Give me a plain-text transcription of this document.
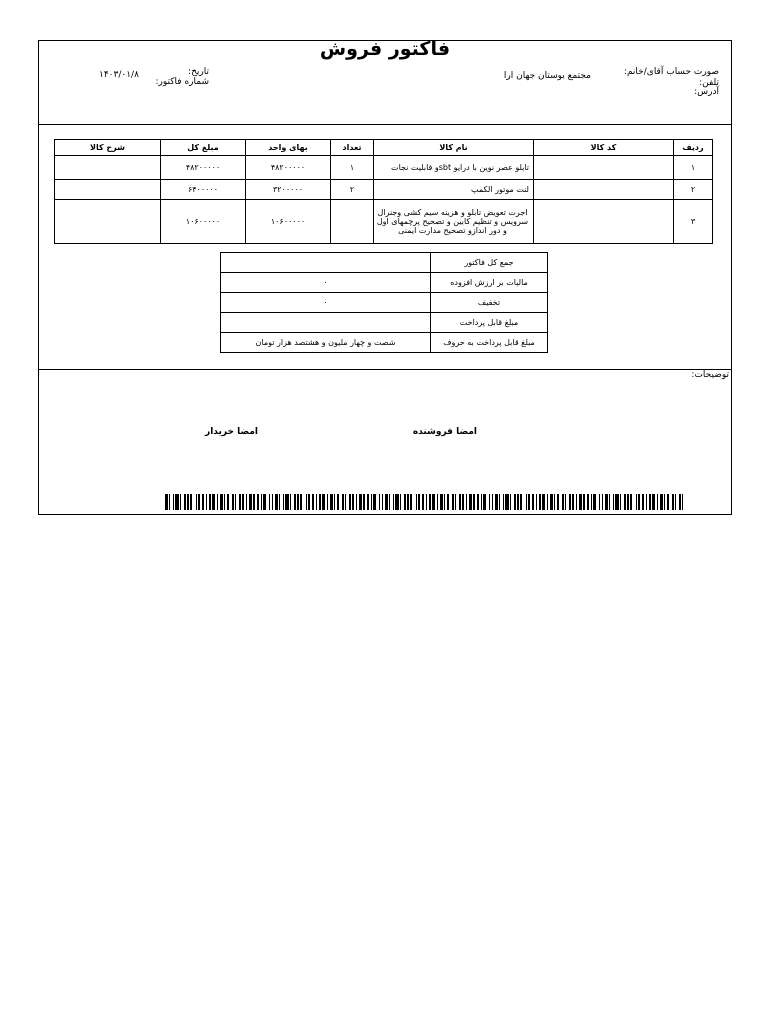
فاکتور فروش
صورت حساب آقای/خانم:
تلفن:
آدرس:
مجتمع بوستان جهان ارا
تاریخ:
شماره فاکتور:
۱۴۰۳/۰۱/۸
ردیف	کد کالا	نام کالا	تعداد	بهای واحد	مبلغ کل	شرح کالا
۱		تابلو عصر نوین با درایو sbtو قابلیت نجات	۱	۴۸۲۰۰۰۰۰	۴۸۲۰۰۰۰۰	
۲		لنت موتور الکمپ	۲	۳۲۰۰۰۰۰	۶۴۰۰۰۰۰	
۳		اجرت تعویض تابلو و هزینه سیم کشی وجنرال سرویس و تنظیم کابین و تصحیح پرچمهای اول و دور اندازو تصحیح مدارت ایمنی		۱۰۶۰۰۰۰۰	۱۰۶۰۰۰۰۰	
جمع کل فاکتور	
مالیات بر ارزش افزوده	۰
تخفیف	۰
مبلغ قابل پرداخت	
مبلغ قابل پرداخت به حروف	شصت و چهار ملیون و هشتصد هزار تومان
توضیحات:
امضا فروشنده
امضا خریدار
